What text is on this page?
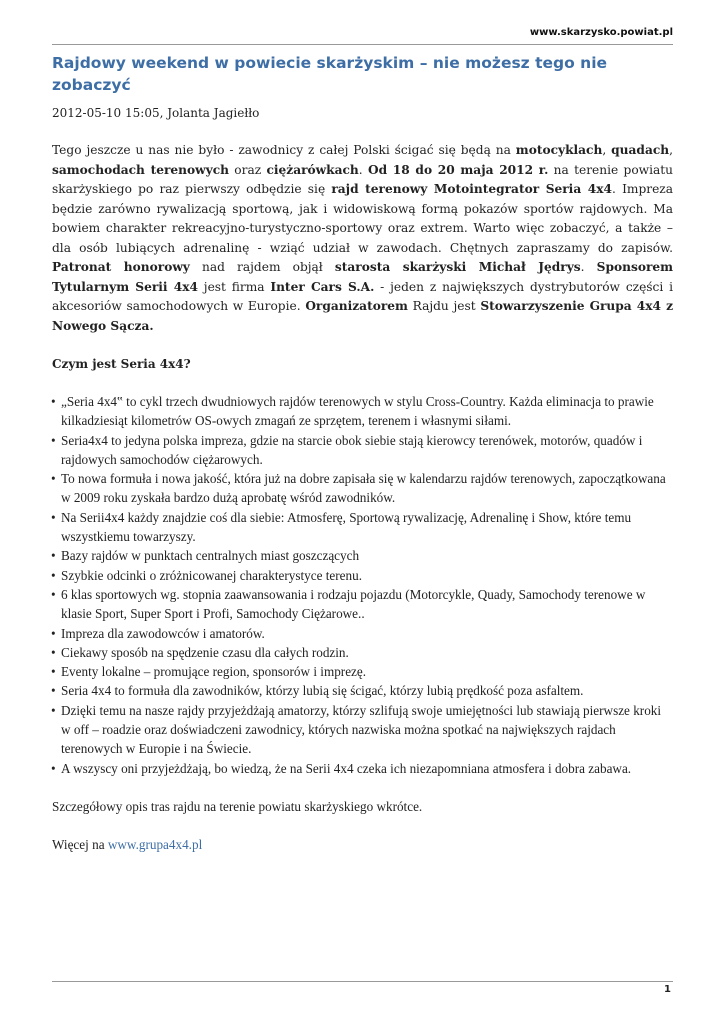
www.skarzysko.powiat.pl
Rajdowy weekend w powiecie skarżyskim – nie możesz tego nie zobaczyć
2012-05-10 15:05, Jolanta Jagiełło

Tego jeszcze u nas nie było - zawodnicy z całej Polski ścigać się będą na motocyklach, quadach, samochodach terenowych oraz ciężarówkach. Od 18 do 20 maja 2012 r. na terenie powiatu skarżyskiego po raz pierwszy odbędzie się rajd terenowy Motointegrator Seria 4x4. Impreza będzie zarówno rywalizacją sportową, jak i widowiskową formą pokazów sportów rajdowych. Ma bowiem charakter rekreacyjno-turystyczno-sportowy oraz extrem. Warto więc zobaczyć, a także – dla osób lubiących adrenalinę - wziąć udział w zawodach. Chętnych zapraszamy do zapisów. Patronat honorowy nad rajdem objął starosta skarżyski Michał Jędrys. Sponsorem Tytularnym Serii 4x4 jest firma Inter Cars S.A. - jeden z największych dystrybutorów części i akcesoriów samochodowych w Europie. Organizatorem Rajdu jest Stowarzyszenie Grupa 4x4 z Nowego Sącza.

Czym jest Seria 4x4?
• „Seria 4x4‟ to cykl trzech dwudniowych rajdów terenowych w stylu Cross-Country. Każda eliminacja to prawie kilkadziesiąt kilometrów OS-owych zmagań ze sprzętem, terenem i własnymi siłami.
• Seria4x4 to jedyna polska impreza, gdzie na starcie obok siebie stają kierowcy terenówek, motorów, quadów i rajdowych samochodów ciężarowych.
• To nowa formuła i nowa jakość, która już na dobre zapisała się w kalendarzu rajdów terenowych, zapoczątkowana w 2009 roku zyskała bardzo dużą aprobatę wśród zawodników.
• Na Serii4x4 każdy znajdzie coś dla siebie: Atmosferę, Sportową rywalizację, Adrenalinę i Show, które temu wszystkiemu towarzyszy.
• Bazy rajdów w punktach centralnych miast goszczących
• Szybkie odcinki o zróżnicowanej charakterystyce terenu.
• 6 klas sportowych wg. stopnia zaawansowania i rodzaju pojazdu (Motorcykle, Quady, Samochody terenowe w klasie Sport, Super Sport i Profi, Samochody Ciężarowe..
• Impreza dla zawodowców i amatorów.
• Ciekawy sposób na spędzenie czasu dla całych rodzin.
• Eventy lokalne – promujące region, sponsorów i imprezę.
• Seria 4x4 to formuła dla zawodników, którzy lubią się ścigać, którzy lubią prędkość poza asfaltem.
• Dzięki temu na nasze rajdy przyjeżdżają amatorzy, którzy szlifują swoje umiejętności lub stawiają pierwsze kroki w off – roadzie oraz doświadczeni zawodnicy, których nazwiska można spotkać na największych rajdach terenowych w Europie i na Świecie.
• A wszyscy oni przyjeżdżają, bo wiedzą, że na Serii 4x4 czeka ich niezapomniana atmosfera i dobra zabawa.
Szczegółowy opis tras rajdu na terenie powiatu skarżyskiego wkrótce.
Więcej na www.grupa4x4.pl
1
